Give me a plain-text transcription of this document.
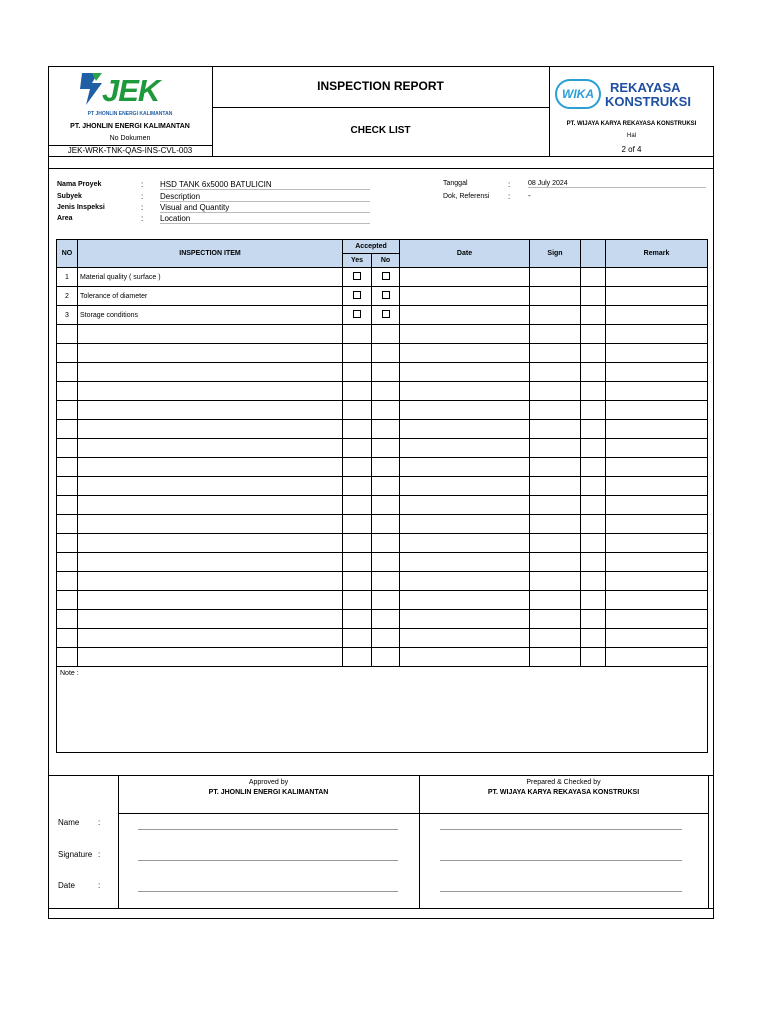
JEK
PT JHONLIN ENERGI KALIMANTAN
PT. JHONLIN ENERGI KALIMANTAN
No Dokumen
JEK-WRK-TNK-QAS-INS-CVL-003
INSPECTION REPORT
CHECK LIST
WIKA	REKAYASA
KONSTRUKSI
PT. WIJAYA KARYA REKAYASA KONSTRUKSI
Hal
2 of 4
Nama Proyek	: HSD TANK 6x5000 BATULICIN
Subyek	: Description
Jenis Inspeksi	: Visual and Quantity
Area	: Location
Tanggal	:	08 July 2024
Dok, Referensi : -
NO	INSPECTION ITEM	Accepted		Date	Sign		Remark
		Yes	No				
1	Material quality ( surface )						
2	Tolerance of diameter						
3	Storage conditions						

Note :							
Approved by
PT. JHONLIN ENERGI KALIMANTAN
Prepared & Checked by
PT. WIJAYA KARYA REKAYASA KONSTRUKSI
Name :
Signature :
Date	:
